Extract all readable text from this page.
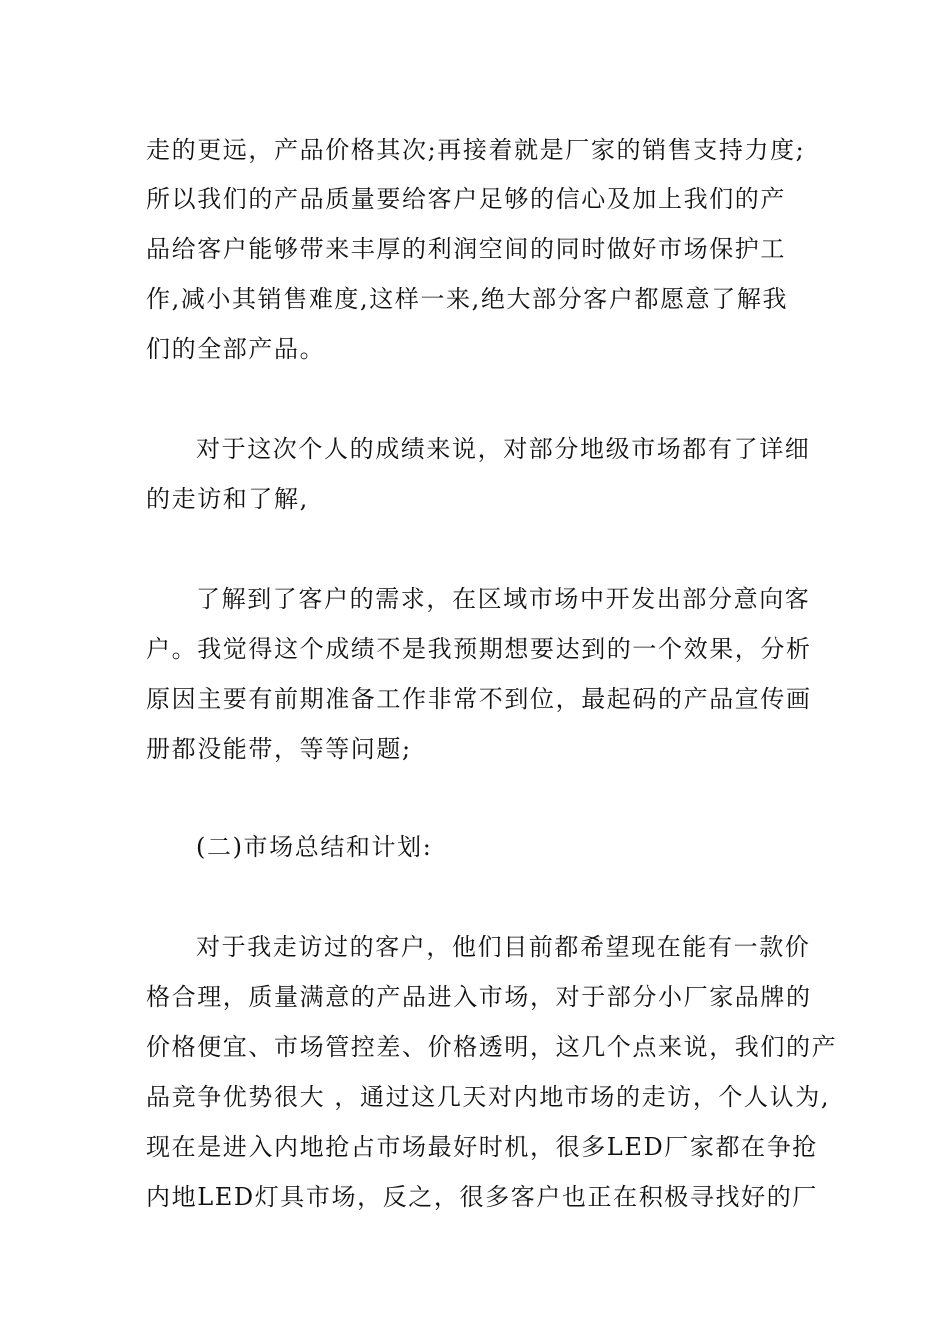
走的更远，产品价格其次;再接着就是厂家的销售支持力度;
所以我们的产品质量要给客户足够的信心及加上我们的产
品给客户能够带来丰厚的利润空间的同时做好市场保护工
作,减小其销售难度,这样一来,绝大部分客户都愿意了解我
们的全部产品。
对于这次个人的成绩来说，对部分地级市场都有了详细
的走访和了解,
了解到了客户的需求，在区域市场中开发出部分意向客
户。我觉得这个成绩不是我预期想要达到的一个效果，分析
原因主要有前期准备工作非常不到位，最起码的产品宣传画
册都没能带，等等问题;
(二)市场总结和计划:
对于我走访过的客户，他们目前都希望现在能有一款价
格合理，质量满意的产品进入市场，对于部分小厂家品牌的
价格便宜、市场管控差、价格透明，这几个点来说，我们的产
品竞争优势很大 ，通过这几天对内地市场的走访，个人认为,
现在是进入内地抢占市场最好时机，很多LED厂家都在争抢
内地LED灯具市场，反之，很多客户也正在积极寻找好的厂
